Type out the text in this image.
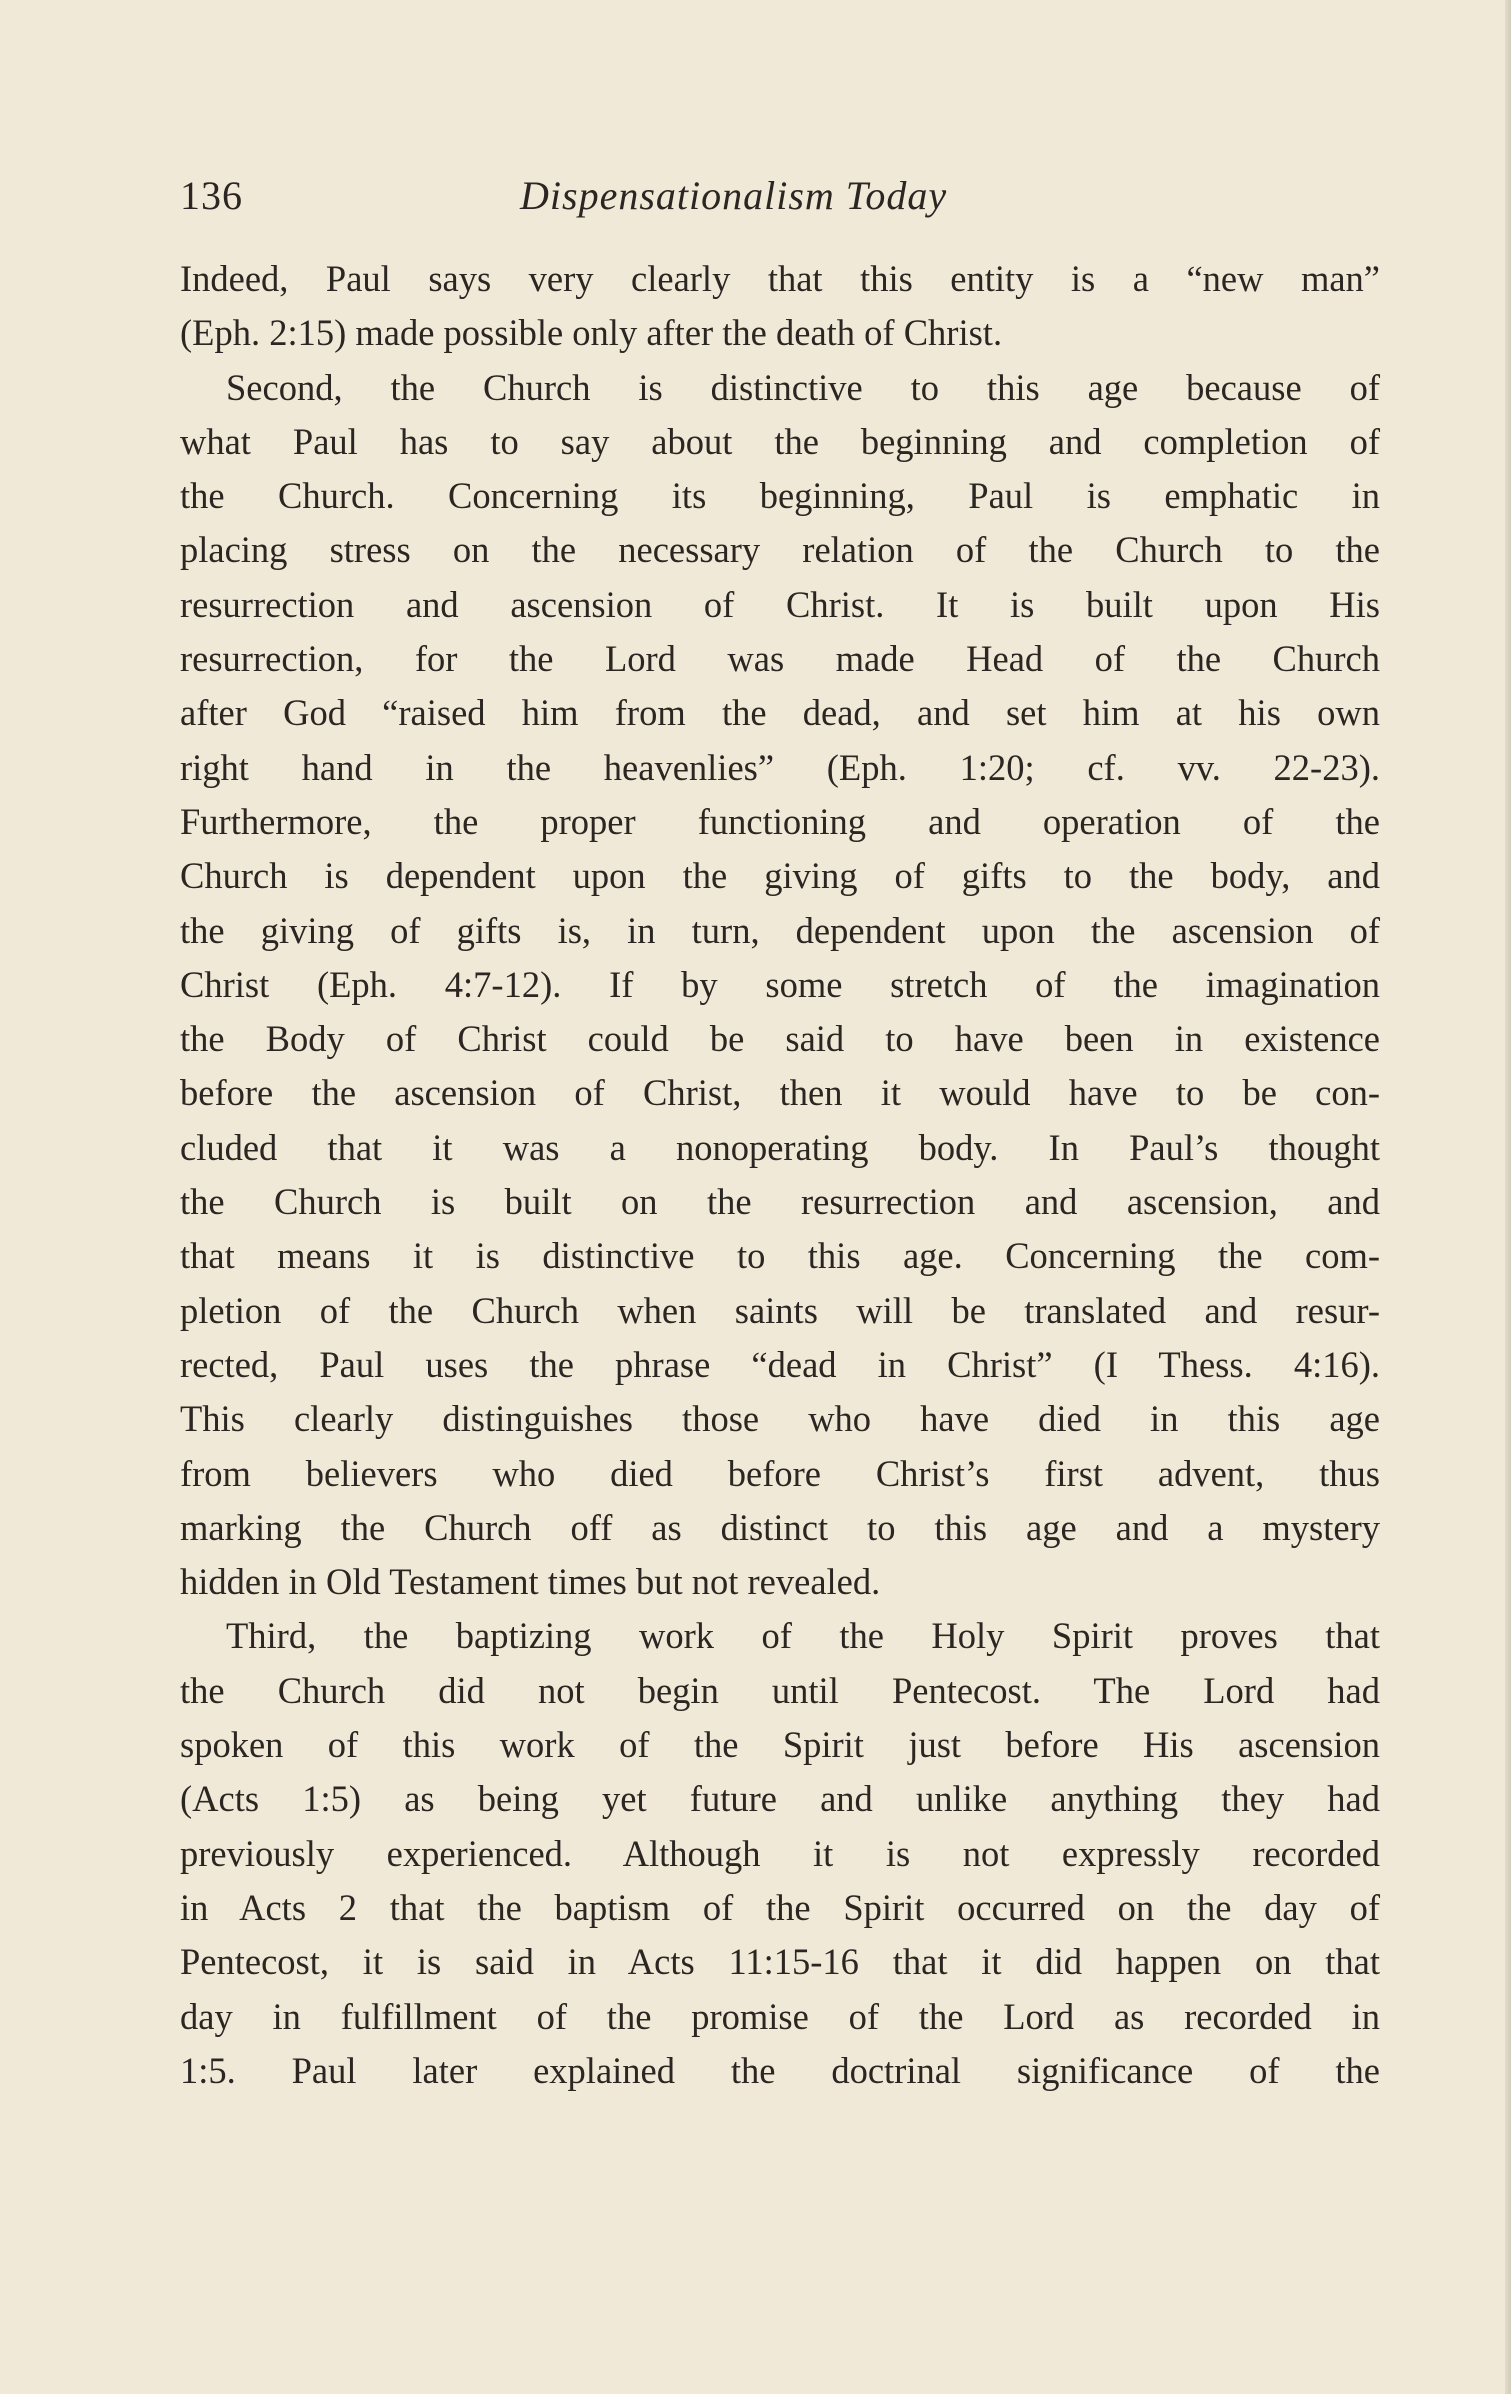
136	Dispensationalism Today

Indeed, Paul says very clearly that this entity is a “new man”
(Eph. 2:15) made possible only after the death of Christ.

Second, the Church is distinctive to this age because of
what Paul has to say about the beginning and completion of
the Church. Concerning its beginning, Paul is emphatic in
placing stress on the necessary relation of the Church to the
resurrection and ascension of Christ. It is built upon His
resurrection, for the Lord was made Head of the Church
after God “raised him from the dead, and set him at his own
right hand in the heavenlies” (Eph. 1:20; cf. vv. 22-23).
Furthermore, the proper functioning and operation of the
Church is dependent upon the giving of gifts to the body, and
the giving of gifts is, in turn, dependent upon the ascension of
Christ (Eph. 4:7-12). If by some stretch of the imagination
the Body of Christ could be said to have been in existence
before the ascension of Christ, then it would have to be con-
cluded that it was a nonoperating body. In Paul’s thought
the Church is built on the resurrection and ascension, and
that means it is distinctive to this age. Concerning the com-
pletion of the Church when saints will be translated and resur-
rected, Paul uses the phrase “dead in Christ” (I Thess. 4:16).
This clearly distinguishes those who have died in this age
from believers who died before Christ’s first advent, thus
marking the Church off as distinct to this age and a mystery
hidden in Old Testament times but not revealed.

Third, the baptizing work of the Holy Spirit proves that
the Church did not begin until Pentecost. The Lord had
spoken of this work of the Spirit just before His ascension
(Acts 1:5) as being yet future and unlike anything they had
previously experienced. Although it is not expressly recorded
in Acts 2 that the baptism of the Spirit occurred on the day of
Pentecost, it is said in Acts 11:15-16 that it did happen on that
day in fulfillment of the promise of the Lord as recorded in
1:5. Paul later explained the doctrinal significance of the
